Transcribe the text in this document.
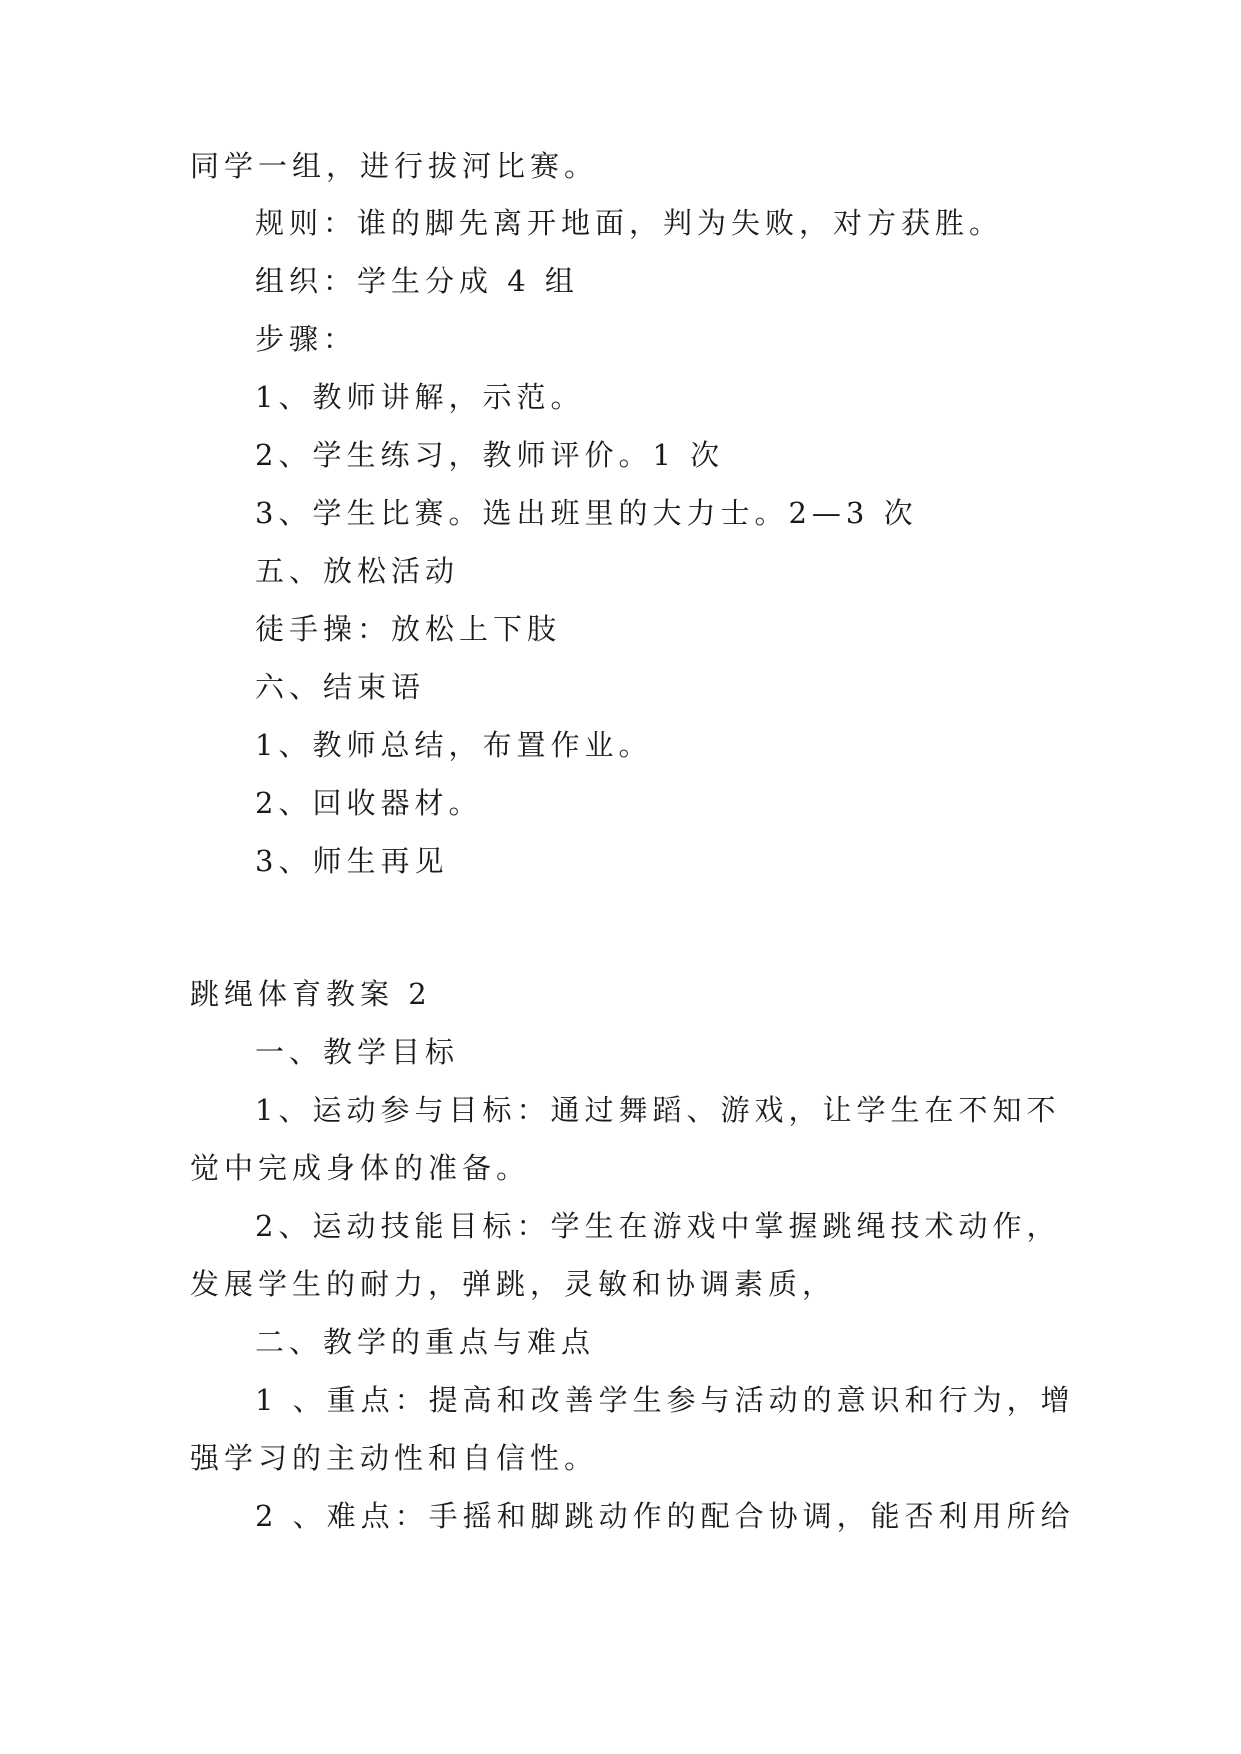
同学一组，进行拔河比赛。

规则：谁的脚先离开地面，判为失败，对方获胜。

组织：学生分成 4 组

步骤：

1、教师讲解，示范。

2、学生练习，教师评价。1 次

3、学生比赛。选出班里的大力士。2—3 次

五、放松活动

徒手操：放松上下肢

六、结束语

1、教师总结，布置作业。

2、回收器材。

3、师生再见

跳绳体育教案 2

一、教学目标

1、运动参与目标：通过舞蹈、游戏，让学生在不知不

觉中完成身体的准备。

2、运动技能目标：学生在游戏中掌握跳绳技术动作，

发展学生的耐力，弹跳，灵敏和协调素质，

二、教学的重点与难点

1 、重点：提高和改善学生参与活动的意识和行为，增

强学习的主动性和自信性。

2 、难点：手摇和脚跳动作的配合协调，能否利用所给
